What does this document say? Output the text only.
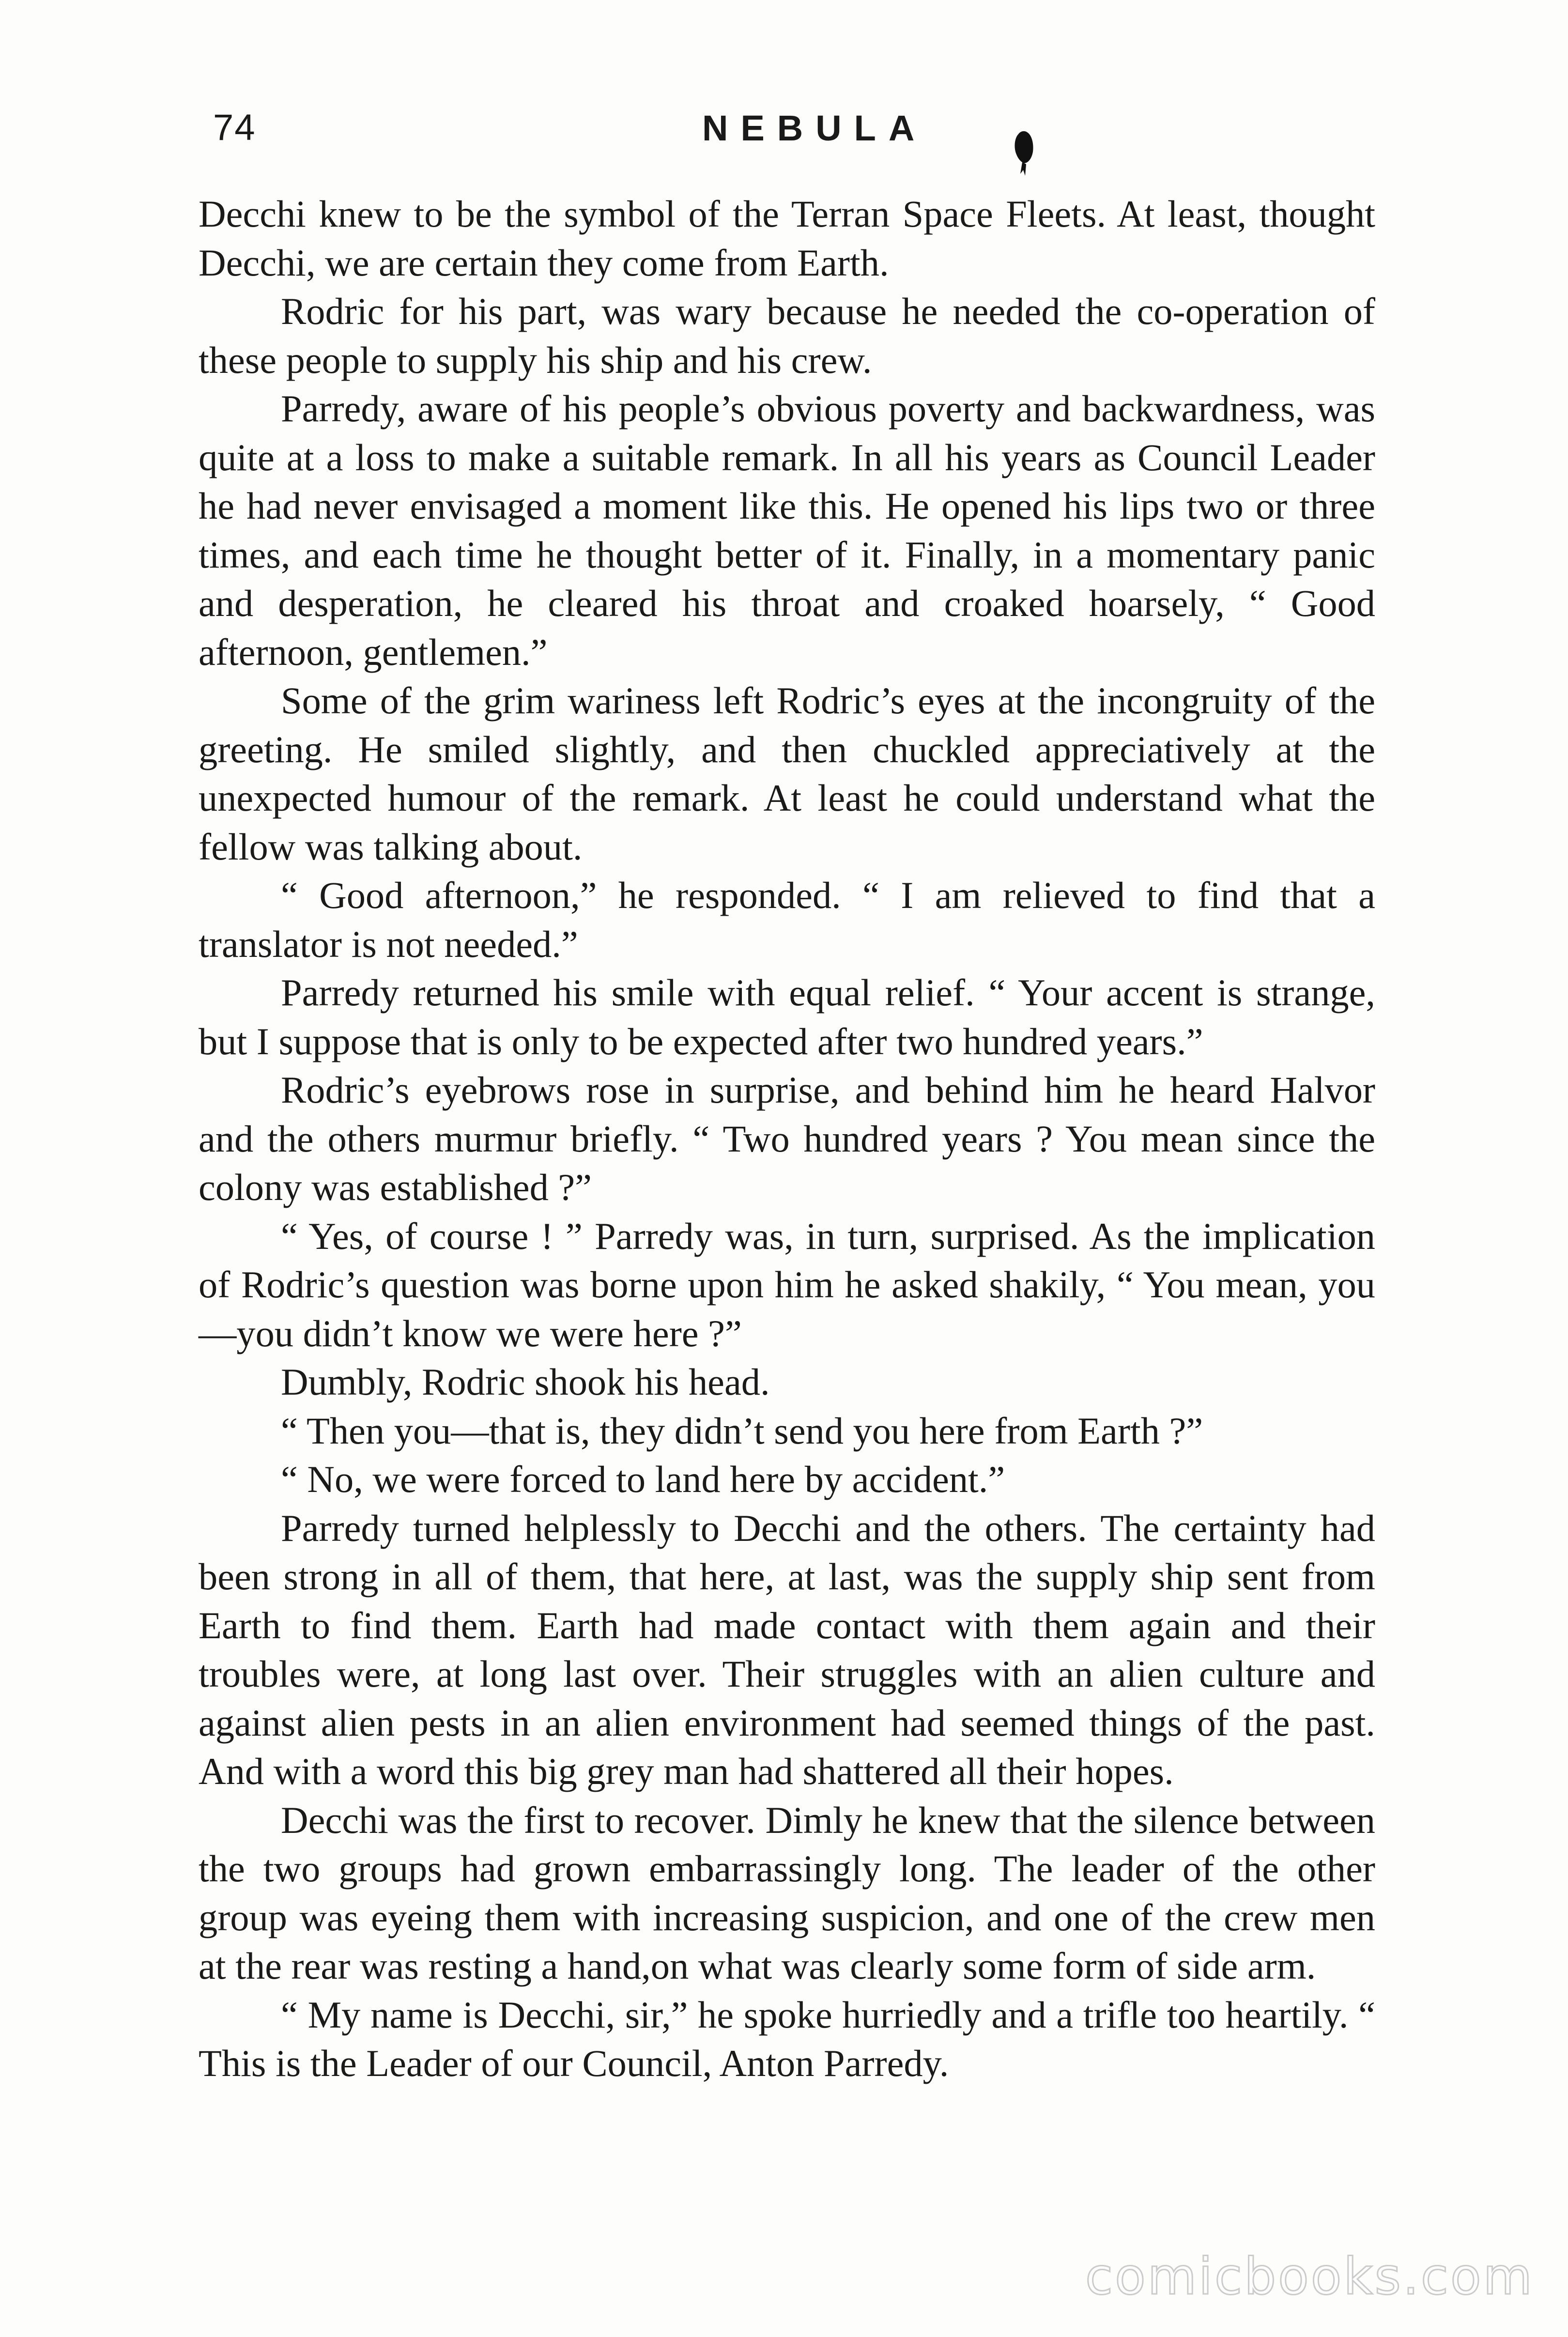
74	NEBULA

Decchi knew to be the symbol of the Terran Space Fleets. At least, thought Decchi, we are certain they come from Earth.

Rodric for his part, was wary because he needed the co-operation of these people to supply his ship and his crew.

Parredy, aware of his people’s obvious poverty and backwardness, was quite at a loss to make a suitable remark. In all his years as Council Leader he had never envisaged a moment like this. He opened his lips two or three times, and each time he thought better of it. Finally, in a momentary panic and desperation, he cleared his throat and croaked hoarsely, “ Good afternoon, gentlemen.”

Some of the grim wariness left Rodric’s eyes at the incongruity of the greeting. He smiled slightly, and then chuckled appreciatively at the unexpected humour of the remark. At least he could understand what the fellow was talking about.

“ Good afternoon,” he responded. “ I am relieved to find that a translator is not needed.”

Parredy returned his smile with equal relief. “ Your accent is strange, but I suppose that is only to be expected after two hundred years.”

Rodric’s eyebrows rose in surprise, and behind him he heard Halvor and the others murmur briefly. “ Two hundred years ? You mean since the colony was established ?”

“ Yes, of course ! ” Parredy was, in turn, surprised. As the implication of Rodric’s question was borne upon him he asked shakily, “ You mean, you—you didn’t know we were here ?”

Dumbly, Rodric shook his head.

“ Then you—that is, they didn’t send you here from Earth ?”

“ No, we were forced to land here by accident.”

Parredy turned helplessly to Decchi and the others. The certainty had been strong in all of them, that here, at last, was the supply ship sent from Earth to find them. Earth had made contact with them again and their troubles were, at long last over. Their struggles with an alien culture and against alien pests in an alien environment had seemed things of the past. And with a word this big grey man had shattered all their hopes.

Decchi was the first to recover. Dimly he knew that the silence between the two groups had grown embarrassingly long. The leader of the other group was eyeing them with increasing suspicion, and one of the crew men at the rear was resting a hand,on what was clearly some form of side arm.

“ My name is Decchi, sir,” he spoke hurriedly and a trifle too heartily. “ This is the Leader of our Council, Anton Parredy.

comicbooks.com
